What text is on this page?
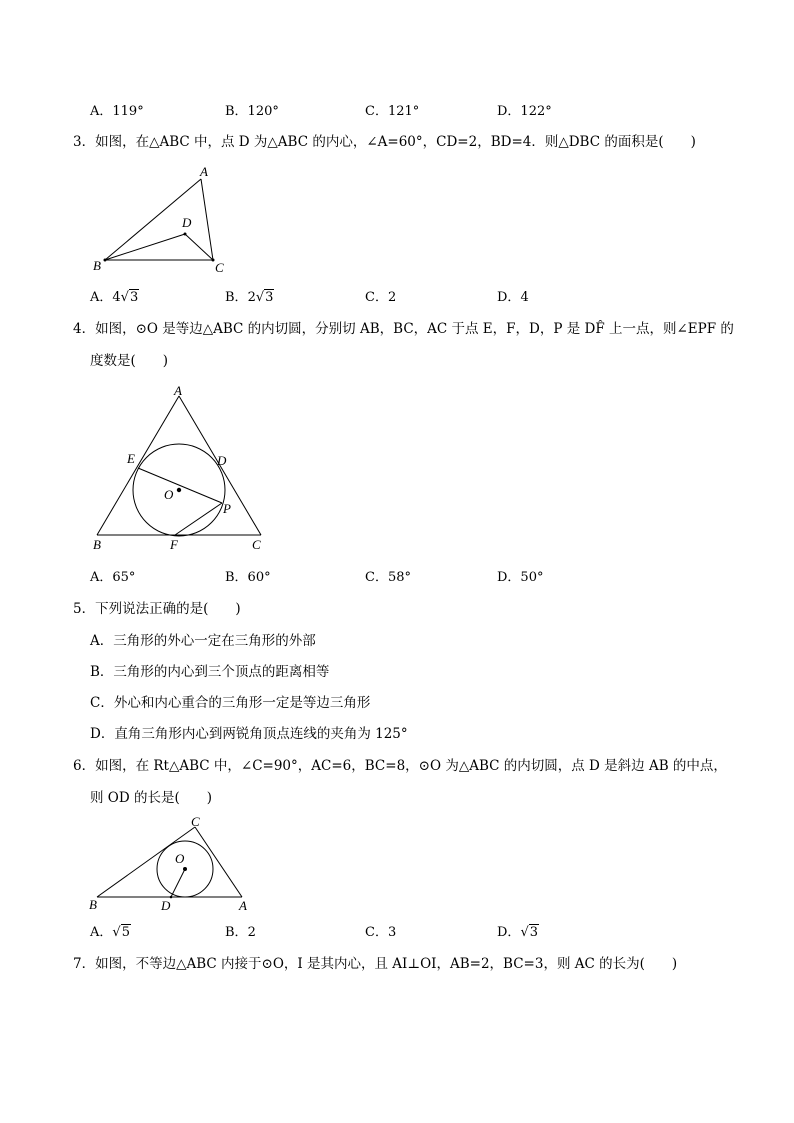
A．119°	B．120°	C．121°	D．122°
3．如图，在△ABC 中，点 D 为△ABC 的内心，∠A=60°，CD=2，BD=4．则△DBC 的面积是(　　)
A
B	C
D
A．4√3	B．2√3	C．2	D．4
4．如图，⊙O 是等边△ABC 的内切圆，分别切 AB，BC，AC 于点 E，F，D，P 是 DF̂ 上一点，则∠EPF 的
度数是(　　)
A
B	C
D
E
F
O
P
A．65°	B．60°	C．58°	D．50°
5．下列说法正确的是(　　)
A．三角形的外心一定在三角形的外部
B．三角形的内心到三个顶点的距离相等
C．外心和内心重合的三角形一定是等边三角形
D．直角三角形内心到两锐角顶点连线的夹角为 125°
6．如图，在 Rt△ABC 中，∠C=90°，AC=6，BC=8，⊙O 为△ABC 的内切圆，点 D 是斜边 AB 的中点，
则 OD 的长是(　　)
C
O
B	D	A
A．√5	B．2	C．3	D．√3
7．如图，不等边△ABC 内接于⊙O，I 是其内心，且 AI⊥OI，AB=2，BC=3，则 AC 的长为(　　)
